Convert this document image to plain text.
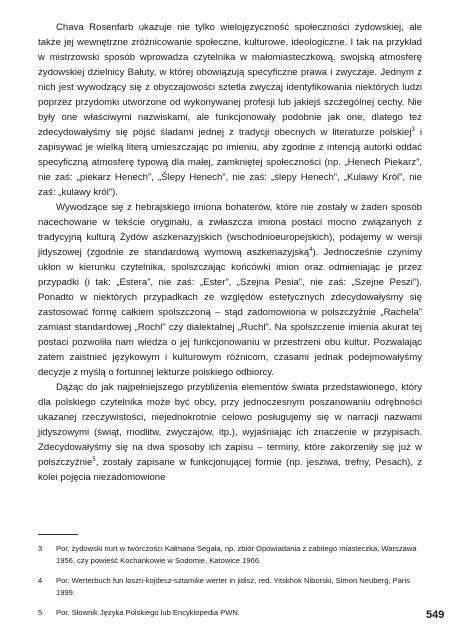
Chava Rosenfarb ukazuje nie tylko wielojęzyczność społeczności żydowskiej, ale także jej wewnętrzne zróżnicowanie społeczne, kulturowe, ideologiczne. I tak na przykład w mistrzowski sposób wprowadza czytelnika w małomiasteczkową, swojską atmosferę żydowskiej dzielnicy Bałuty, w której obowiązują specyficzne prawa i zwyczaje. Jednym z nich jest wywodzący się z obyczajowości sztetla zwyczaj identyfikowania niektórych ludzi poprzez przydomki utworzone od wykonywanej profesji lub jakiejś szczególnej cechy. Nie były one właściwymi nazwiskami, ale funkcjonowały podobnie jak one, dlatego też zdecydowałyśmy się pójść śladami jednej z tradycji obecnych w literaturze polskiej$^3$ i zapisywać je wielką literą umieszczając po imieniu, aby zgodnie z intencją autorki oddać specyficzną atmosferę typową dla małej, zamkniętej społeczności (np. „Henech Piekarz”, nie zaś: „piekarz Henech”, „Ślepy Henech”, nie zaś: „ślepy Henech”, „Kulawy Król”, nie zaś: „kulawy król”).

Wywodzące się z hebrajskiego imiona bohaterów, które nie zostały w żaden sposób nacechowane w tekście oryginału, a zwłaszcza imiona postaci mocno związanych z tradycyjną kulturą Żydów aszkenazyjskich (wschodnioeuropejskich), podajemy w wersji jidyszowej (zgodnie ze standardową wymową aszkenazyjską$^4$). Jednocześnie czynimy ukłon w kierunku czytelnika, spolszczając końcówki imion oraz odmieniając je przez przypadki (i tak: „Estera”, nie zaś: „Ester”, „Szejna Pesia”, nie zaś: „Szejne Peszi”). Ponadto w niektórych przypadkach ze względów estetycznych zdecydowałyśmy się zastosować formę całkiem spolszczoną – stąd zadomowiona w polszczyźnie „Rachela” zamiast standardowej „Rochl” czy dialektalnej „Ruchl”. Na spolszczenie imienia akurat tej postaci pozwoliła nam wiedza o jej funkcjonowaniu w przestrzeni obu kultur. Pozwalając zatem zaistnieć językowym i kulturowym różnicom, czasami jednak podejmowałyśmy decyzje z myślą o fortunnej lekturze polskiego odbiorcy.

Dążąc do jak najpełniejszego przybliżenia elementów świata przedstawionego, który dla polskiego czytelnika może być obcy, przy jednoczesnym poszanowaniu odrębności ukazanej rzeczywistości, niejednokrotnie celowo posługujemy się w narracji nazwami jidyszowymi (świąt, modlitw, zwyczajów, itp.), wyjaśniając ich znaczenie w przypisach. Zdecydowałyśmy się na dwa sposoby ich zapisu – terminy, które zakorzeniły się już w polszczyźnie$^5$, zostały zapisane w funkcjonującej formie (np. jesziwa, trefny, Pesach), z kolei pojęcia niezadomowione

3	Por. żydowski nurt w twórczości Kałmana Segała, np. zbiór Opowiadania z zabitego miasteczka, Warszawa 1956, czy powieść Kochankowie w Sodomie, Katowice 1966.
4	Por. Werterbuch fun loszn-kojdesz-sztamike werter in jidisz, red. Yitskhok Niborski, Simon Neuberg, Paris 1999.
5	Por. Słownik Języka Polskiego lub Encyklopedia PWN.	549
